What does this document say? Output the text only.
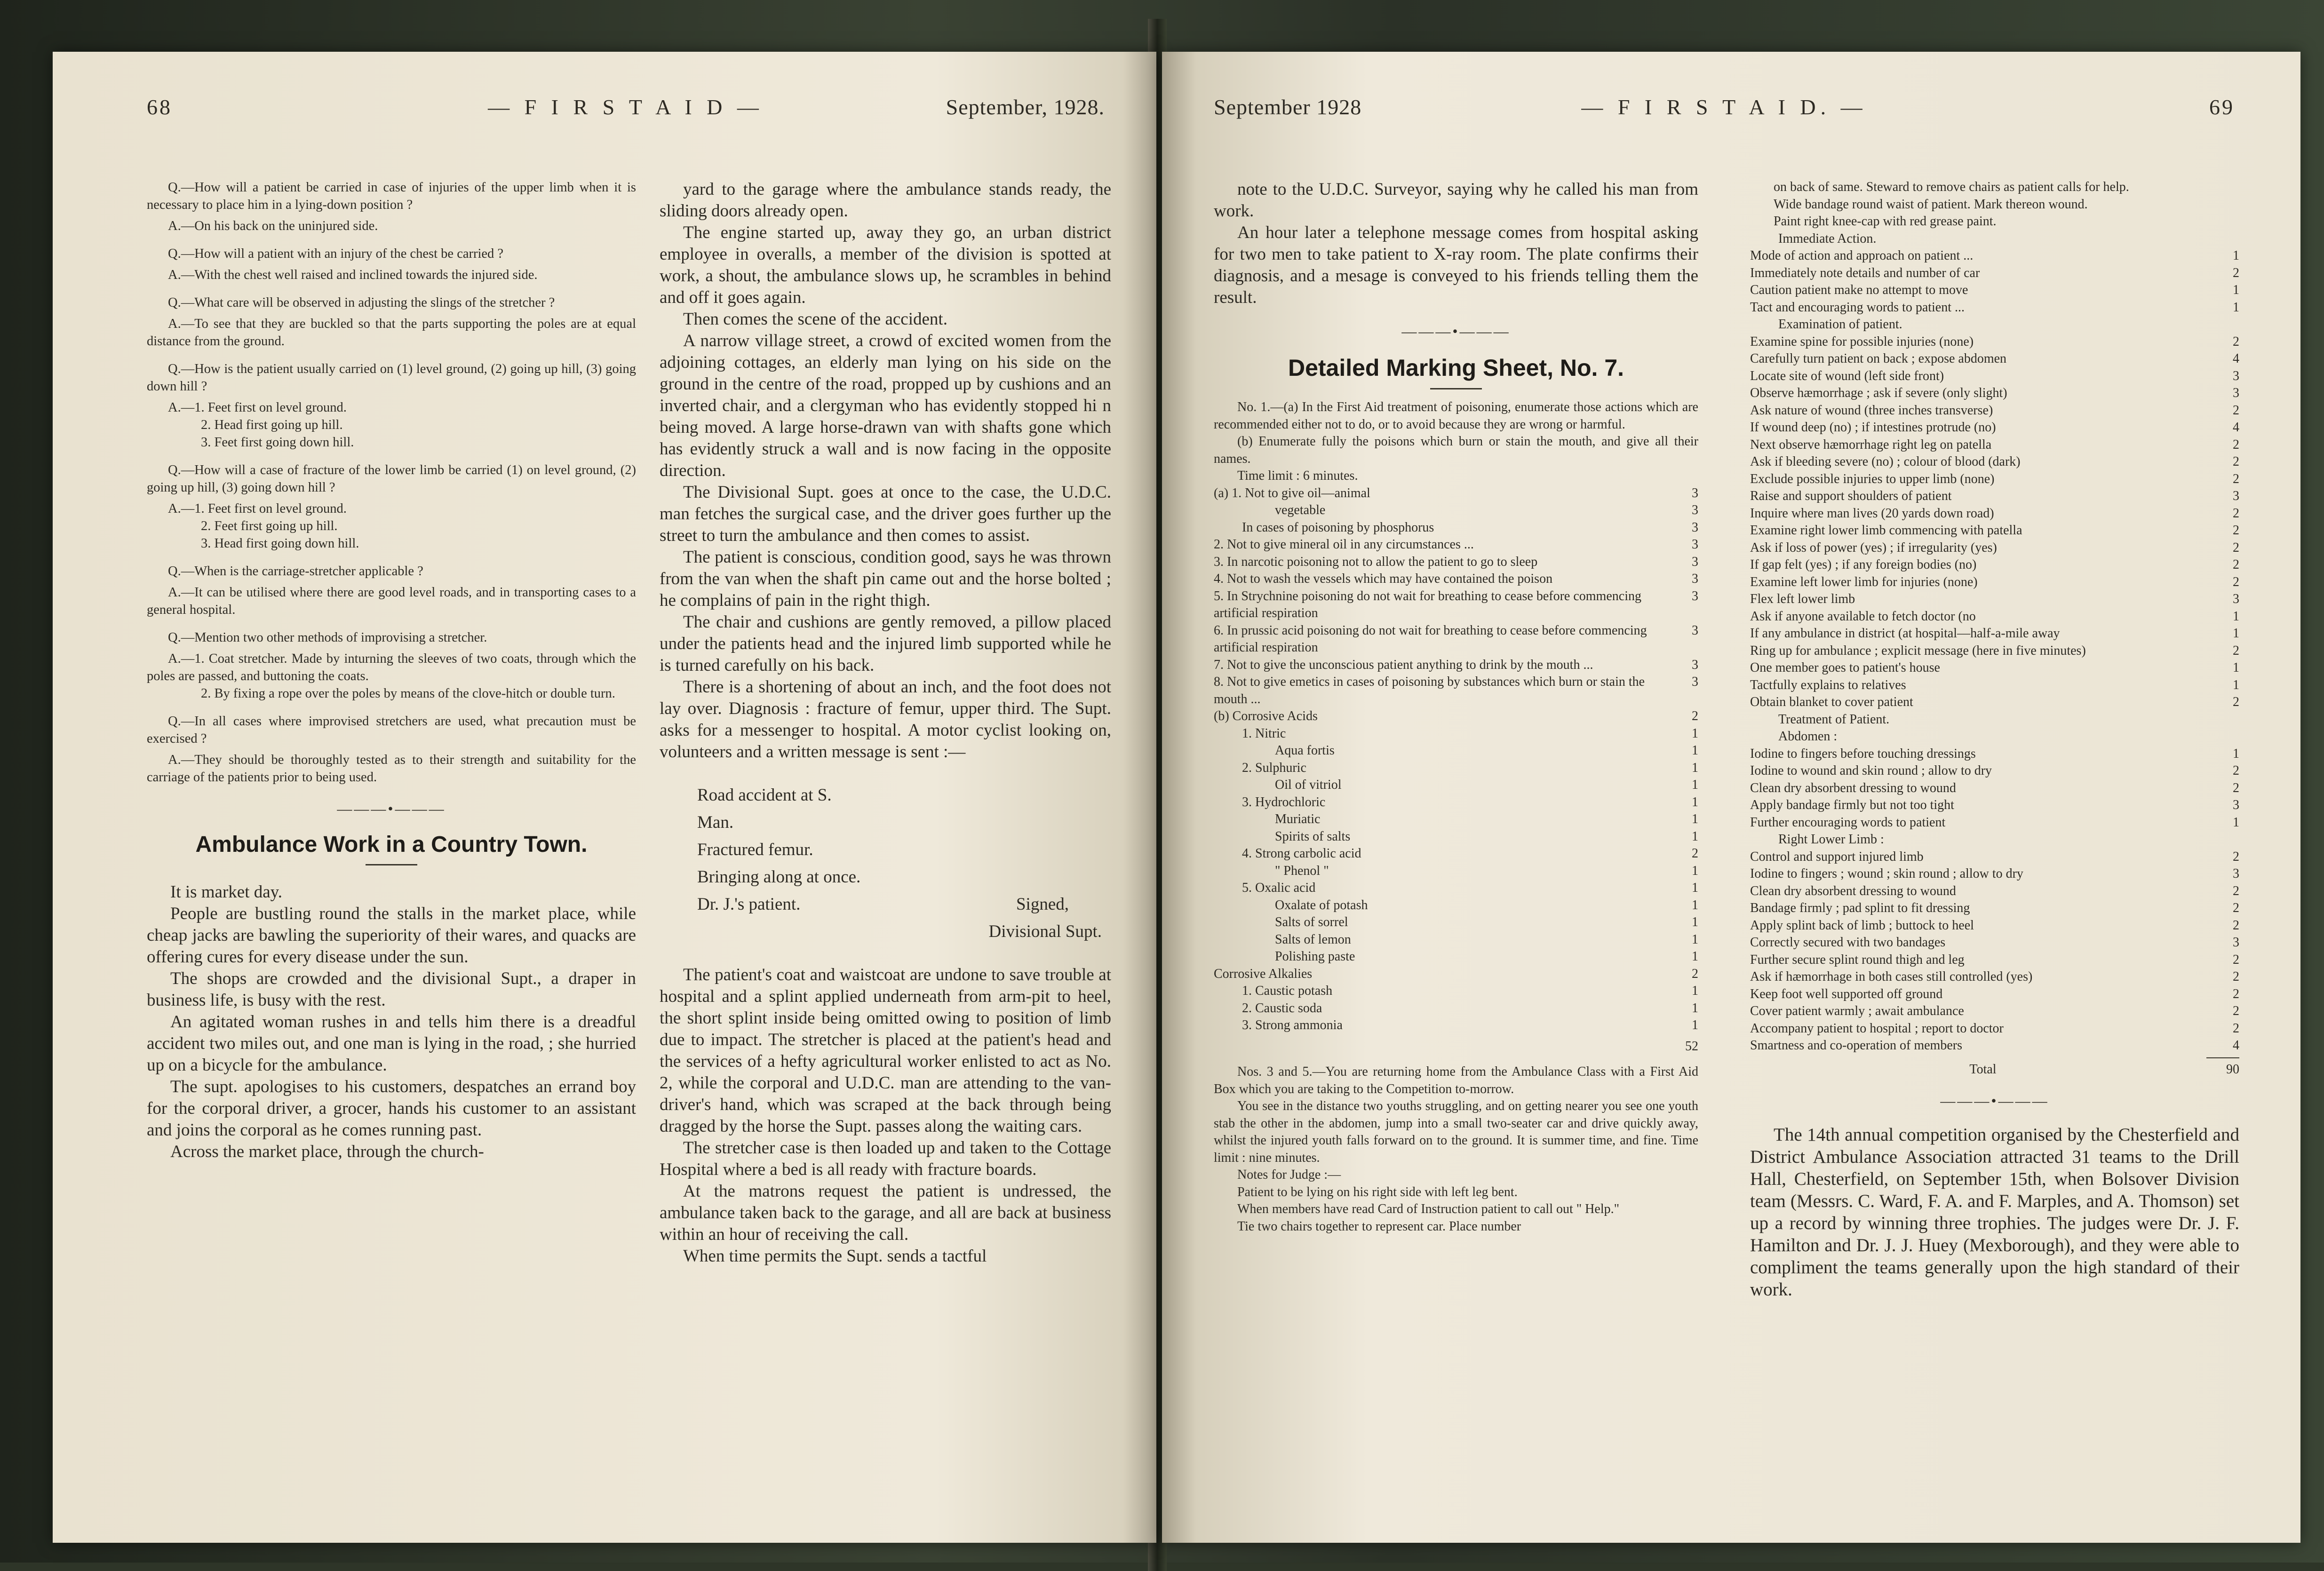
68	— F I R S T A I D —	September, 1928.

Q.—How will a patient be carried in case of injuries of the upper limb when it is necessary to place him in a lying-down position ?

A.—On his back on the uninjured side.

Q.—How will a patient with an injury of the chest be carried ?

A.—With the chest well raised and inclined towards the injured side.

Q.—What care will be observed in adjusting the slings of the stretcher ?

A.—To see that they are buckled so that the parts supporting the poles are at equal distance from the ground.

Q.—How is the patient usually carried on (1) level ground, (2) going up hill, (3) going down hill ?

A.—1. Feet first on level ground.

2. Head first going up hill.

3. Feet first going down hill.

Q.—How will a case of fracture of the lower limb be carried (1) on level ground, (2) going up hill, (3) going down hill ?

A.—1. Feet first on level ground.

2. Feet first going up hill.

3. Head first going down hill.

Q.—When is the carriage-stretcher applicable ?

A.—It can be utilised where there are good level roads, and in transporting cases to a general hospital.

Q.—Mention two other methods of improvising a stretcher.

A.—1. Coat stretcher. Made by inturning the sleeves of two coats, through which the poles are passed, and buttoning the coats.

2. By fixing a rope over the poles by means of the clove-hitch or double turn.

Q.—In all cases where improvised stretchers are used, what precaution must be exercised ?

A.—They should be thoroughly tested as to their strength and suitability for the carriage of the patients prior to being used.

———•———
Ambulance Work in a Country Town.

It is market day.

People are bustling round the stalls in the market place, while cheap jacks are bawling the superiority of their wares, and quacks are offering cures for every disease under the sun.

The shops are crowded and the divisional Supt., a draper in business life, is busy with the rest.

An agitated woman rushes in and tells him there is a dreadful accident two miles out, and one man is lying in the road, ; she hurried up on a bicycle for the ambulance.

The supt. apologises to his customers, despatches an errand boy for the corporal driver, a grocer, hands his customer to an assistant and joins the corporal as he comes running past.

Across the market place, through the church-

yard to the garage where the ambulance stands ready, the sliding doors already open.

The engine started up, away they go, an urban district employee in overalls, a member of the division is spotted at work, a shout, the ambulance slows up, he scrambles in behind and off it goes again.

Then comes the scene of the accident.

A narrow village street, a crowd of excited women from the adjoining cottages, an elderly man lying on his side on the ground in the centre of the road, propped up by cushions and an inverted chair, and a clergyman who has evidently stopped hi n being moved. A large horse-drawn van with shafts gone which has evidently struck a wall and is now facing in the opposite direction.

The Divisional Supt. goes at once to the case, the U.D.C. man fetches the surgical case, and the driver goes further up the street to turn the ambulance and then comes to assist.

The patient is conscious, condition good, says he was thrown from the van when the shaft pin came out and the horse bolted ; he complains of pain in the right thigh.

The chair and cushions are gently removed, a pillow placed under the patients head and the injured limb supported while he is turned carefully on his back.

There is a shortening of about an inch, and the foot does not lay over. Diagnosis : fracture of femur, upper third. The Supt. asks for a messenger to hospital. A motor cyclist looking on, volunteers and a written message is sent :—

Road accident at S.
Man.
Fractured femur.
Bringing along at once.
Dr. J.'s patient.	Signed,
Divisional Supt.

The patient's coat and waistcoat are undone to save trouble at hospital and a splint applied underneath from arm-pit to heel, the short splint inside being omitted owing to position of limb due to impact. The stretcher is placed at the patient's head and the services of a hefty agricultural worker enlisted to act as No. 2, while the corporal and U.D.C. man are attending to the van-driver's hand, which was scraped at the back through being dragged by the horse the Supt. passes along the waiting cars.

The stretcher case is then loaded up and taken to the Cottage Hospital where a bed is all ready with fracture boards.

At the matrons request the patient is undressed, the ambulance taken back to the garage, and all are back at business within an hour of receiving the call.

When time permits the Supt. sends a tactful

September 1928	— F I R S T A I D. —	69

note to the U.D.C. Surveyor, saying why he called his man from work.

An hour later a telephone message comes from hospital asking for two men to take patient to X-ray room. The plate confirms their diagnosis, and a mesage is conveyed to his friends telling them the result.

———•———
Detailed Marking Sheet, No. 7.

No. 1.—(a) In the First Aid treatment of poisoning, enumerate those actions which are recommended either not to do, or to avoid because they are wrong or harmful.

(b) Enumerate fully the poisons which burn or stain the mouth, and give all their names.

Time limit : 6 minutes.

(a) 1. Not to give oil—animal	3
vegetable	3
In cases of poisoning by phosphorus	3
2. Not to give mineral oil in any circumstances ...	3
3. In narcotic poisoning not to allow the patient to go to sleep	3
4. Not to wash the vessels which may have contained the poison	3
5. In Strychnine poisoning do not wait for breathing to cease before commencing artificial respiration
3
6. In prussic acid poisoning do not wait for breathing to cease before commencing artificial respiration
3
7. Not to give the unconscious patient anything to drink by the mouth ...	3
8. Not to give emetics in cases of poisoning by substances which burn or stain the mouth ...
3
(b) Corrosive Acids	2
1. Nitric	1
Aqua fortis	1
2. Sulphuric	1
Oil of vitriol	1
3. Hydrochloric	1
Muriatic	1
Spirits of salts	1
4. Strong carbolic acid	2
" Phenol "	1
5. Oxalic acid	1
Oxalate of potash	1
Salts of sorrel	1
Salts of lemon	1
Polishing paste	1
Corrosive Alkalies	2
1. Caustic potash	1
2. Caustic soda	1
3. Strong ammonia	1
52

Nos. 3 and 5.—You are returning home from the Ambulance Class with a First Aid Box which you are taking to the Competition to-morrow.

You see in the distance two youths struggling, and on getting nearer you see one youth stab the other in the abdomen, jump into a small two-seater car and drive quickly away, whilst the injured youth falls forward on to the ground. It is summer time, and fine. Time limit : nine minutes.

Notes for Judge :—

Patient to be lying on his right side with left leg bent.

When members have read Card of Instruction patient to call out " Help."

Tie two chairs together to represent car. Place number

on back of same. Steward to remove chairs as patient calls for help.

Wide bandage round waist of patient. Mark thereon wound.

Paint right knee-cap with red grease paint.

Immediate Action.
Mode of action and approach on patient ...	1
Immediately note details and number of car	2
Caution patient make no attempt to move	1
Tact and encouraging words to patient ...	1
Examination of patient.
Examine spine for possible injuries (none)	2
Carefully turn patient on back ; expose abdomen	4
Locate site of wound (left side front)	3
Observe hæmorrhage ; ask if severe (only slight)	3
Ask nature of wound (three inches transverse)	2
If wound deep (no) ; if intestines protrude (no)	4
Next observe hæmorrhage right leg on patella	2
Ask if bleeding severe (no) ; colour of blood (dark)	2
Exclude possible injuries to upper limb (none)	2
Raise and support shoulders of patient	3
Inquire where man lives (20 yards down road)	2
Examine right lower limb commencing with patella	2
Ask if loss of power (yes) ; if irregularity (yes)	2
If gap felt (yes) ; if any foreign bodies (no)	2
Examine left lower limb for injuries (none)	2
Flex left lower limb	3
Ask if anyone available to fetch doctor (no	1
If any ambulance in district (at hospital—half-a-mile away	1
Ring up for ambulance ; explicit message (here in five minutes)	2
One member goes to patient's house	1
Tactfully explains to relatives	1
Obtain blanket to cover patient	2
Treatment of Patient.
Abdomen :
Iodine to fingers before touching dressings	1
Iodine to wound and skin round ; allow to dry	2
Clean dry absorbent dressing to wound	2
Apply bandage firmly but not too tight	3
Further encouraging words to patient	1
Right Lower Limb :
Control and support injured limb	2
Iodine to fingers ; wound ; skin round ; allow to dry	3
Clean dry absorbent dressing to wound	2
Bandage firmly ; pad splint to fit dressing	2
Apply splint back of limb ; buttock to heel	2
Correctly secured with two bandages	3
Further secure splint round thigh and leg	2
Ask if hæmorrhage in both cases still controlled (yes)	2
Keep foot well supported off ground	2
Cover patient warmly ; await ambulance	2
Accompany patient to hospital ; report to doctor	2
Smartness and co-operation of members	4
Total	90
———•———
The 14th annual competition organised by the Chesterfield and District Ambulance Association attracted 31 teams to the Drill Hall, Chesterfield, on September 15th, when Bolsover Division team (Messrs. C. Ward, F. A. and F. Marples, and A. Thomson) set up a record by winning three trophies. The judges were Dr. J. F. Hamilton and Dr. J. J. Huey (Mexborough), and they were able to compliment the teams generally upon the high standard of their work.
